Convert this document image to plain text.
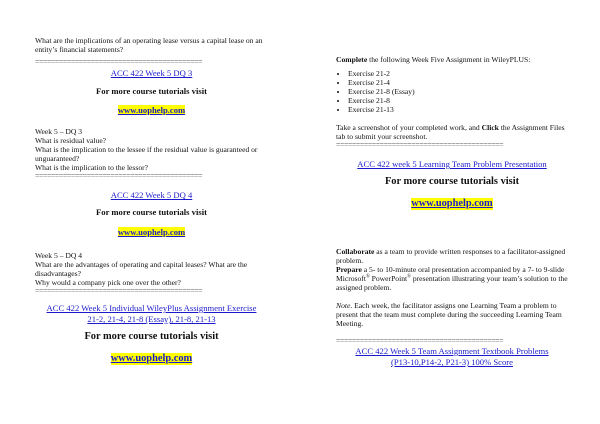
What are the implications of an operating lease versus a capital lease on an entity’s financial statements?

==========================================

ACC 422 Week 5 DQ 3

For more course tutorials visit

www.uophelp.com

Week 5 – DQ 3

What is residual value?

What is the implication to the lessee if the residual value is guaranteed or unguaranteed?

What is the implication to the lessor?

==========================================

ACC 422 Week 5 DQ 4

For more course tutorials visit

www.uophelp.com

Week 5 – DQ 4

What are the advantages of operating and capital leases? What are the disadvantages?

Why would a company pick one over the other?

==========================================

ACC 422 Week 5 Individual WileyPlus Assignment Exercise
21-2, 21-4, 21-8 (Essay), 21-8, 21-13

For more course tutorials visit

www.uophelp.com

Complete the following Week Five Assignment in WileyPLUS:

• Exercise 21-2
• Exercise 21-4
• Exercise 21-8 (Essay)
• Exercise 21-8
• Exercise 21-13

Take a screenshot of your completed work, and Click the Assignment Files tab to submit your screenshot.

==========================================

ACC 422 week 5 Learning Team Problem Presentation

For more course tutorials visit

www.uophelp.com

Collaborate as a team to provide written responses to a facilitator-assigned problem.

Prepare a 5- to 10-minute oral presentation accompanied by a 7- to 9-slide Microsoft® PowerPoint® presentation illustrating your team’s solution to the assigned problem.

Note. Each week, the facilitator assigns one Learning Team a problem to present that the team must complete during the succeeding Learning Team Meeting.

==========================================

ACC 422 Week 5 Team Assignment Textbook Problems
(P13-10,P14-2, P21-3) 100% Score
